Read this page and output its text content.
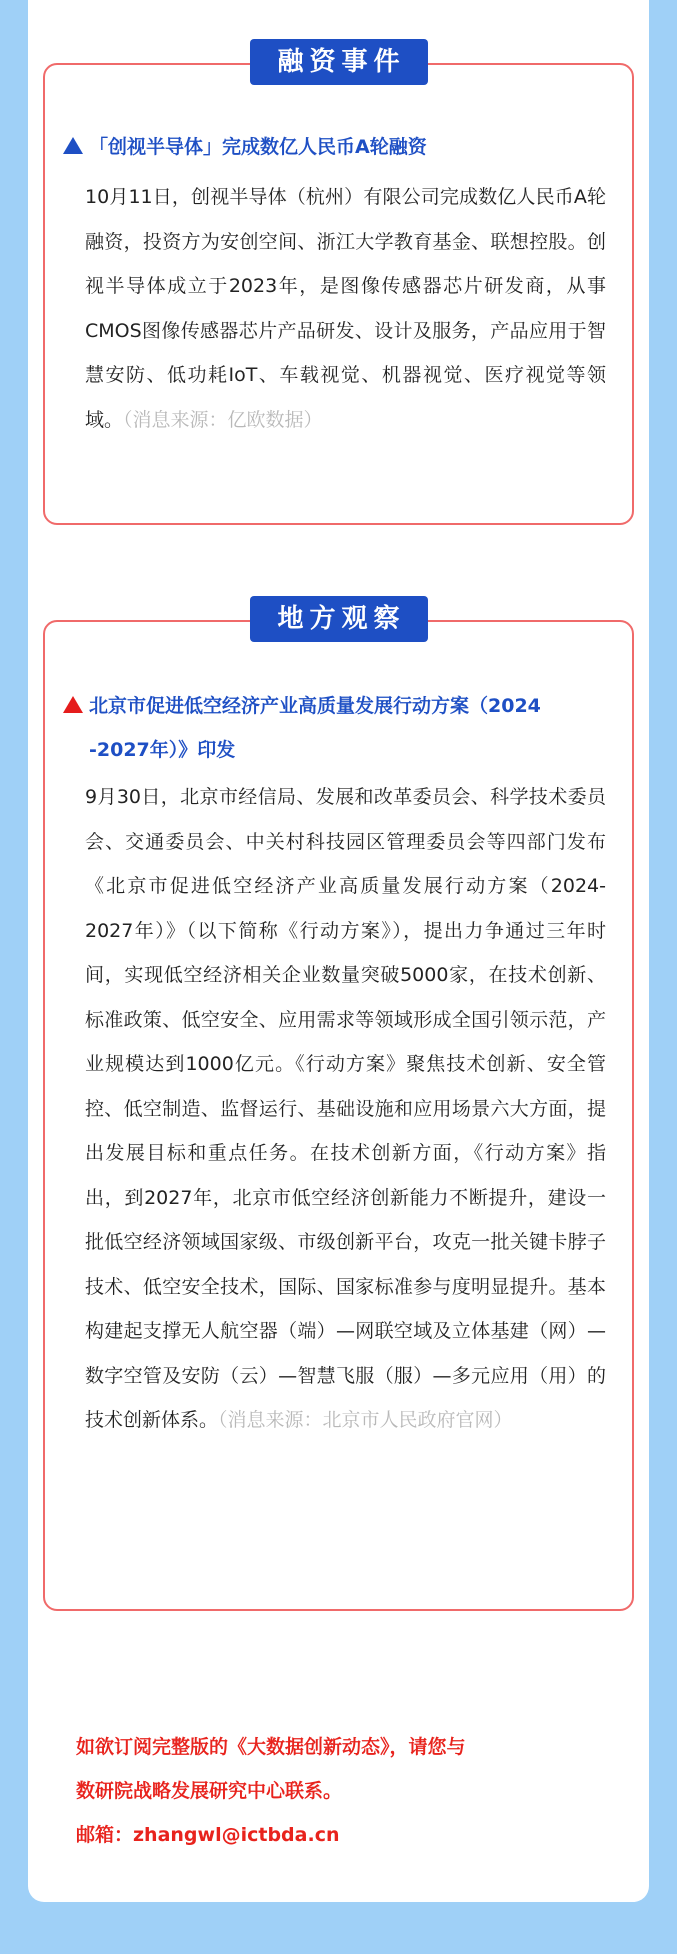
融资事件
「创视半导体」完成数亿人民币A轮融资
10月11日，创视半导体（杭州）有限公司完成数亿人民币A轮融资，投资方为安创空间、浙江大学教育基金、联想控股。创视半导体成立于2023年，是图像传感器芯片研发商，从事CMOS图像传感器芯片产品研发、设计及服务，产品应用于智慧安防、低功耗IoT、车载视觉、机器视觉、医疗视觉等领域。（消息来源：亿欧数据）
地方观察
北京市促进低空经济产业高质量发展行动方案（2024
-2027年）》印发
9月30日，北京市经信局、发展和改革委员会、科学技术委员会、交通委员会、中关村科技园区管理委员会等四部门发布《北京市促进低空经济产业高质量发展行动方案（2024-2027年）》（以下简称《行动方案》），提出力争通过三年时间，实现低空经济相关企业数量突破5000家，在技术创新、标准政策、低空安全、应用需求等领域形成全国引领示范，产业规模达到1000亿元。《行动方案》聚焦技术创新、安全管控、低空制造、监督运行、基础设施和应用场景六大方面，提出发展目标和重点任务。在技术创新方面，《行动方案》指出，到2027年，北京市低空经济创新能力不断提升，建设一批低空经济领域国家级、市级创新平台，攻克一批关键卡脖子技术、低空安全技术，国际、国家标准参与度明显提升。基本构建起支撑无人航空器（端）—网联空域及立体基建（网）—数字空管及安防（云）—智慧飞服（服）—多元应用（用）的技术创新体系。（消息来源：北京市人民政府官网）
如欲订阅完整版的《大数据创新动态》，请您与
数研院战略发展研究中心联系。
邮箱：zhangwl@ictbda.cn
